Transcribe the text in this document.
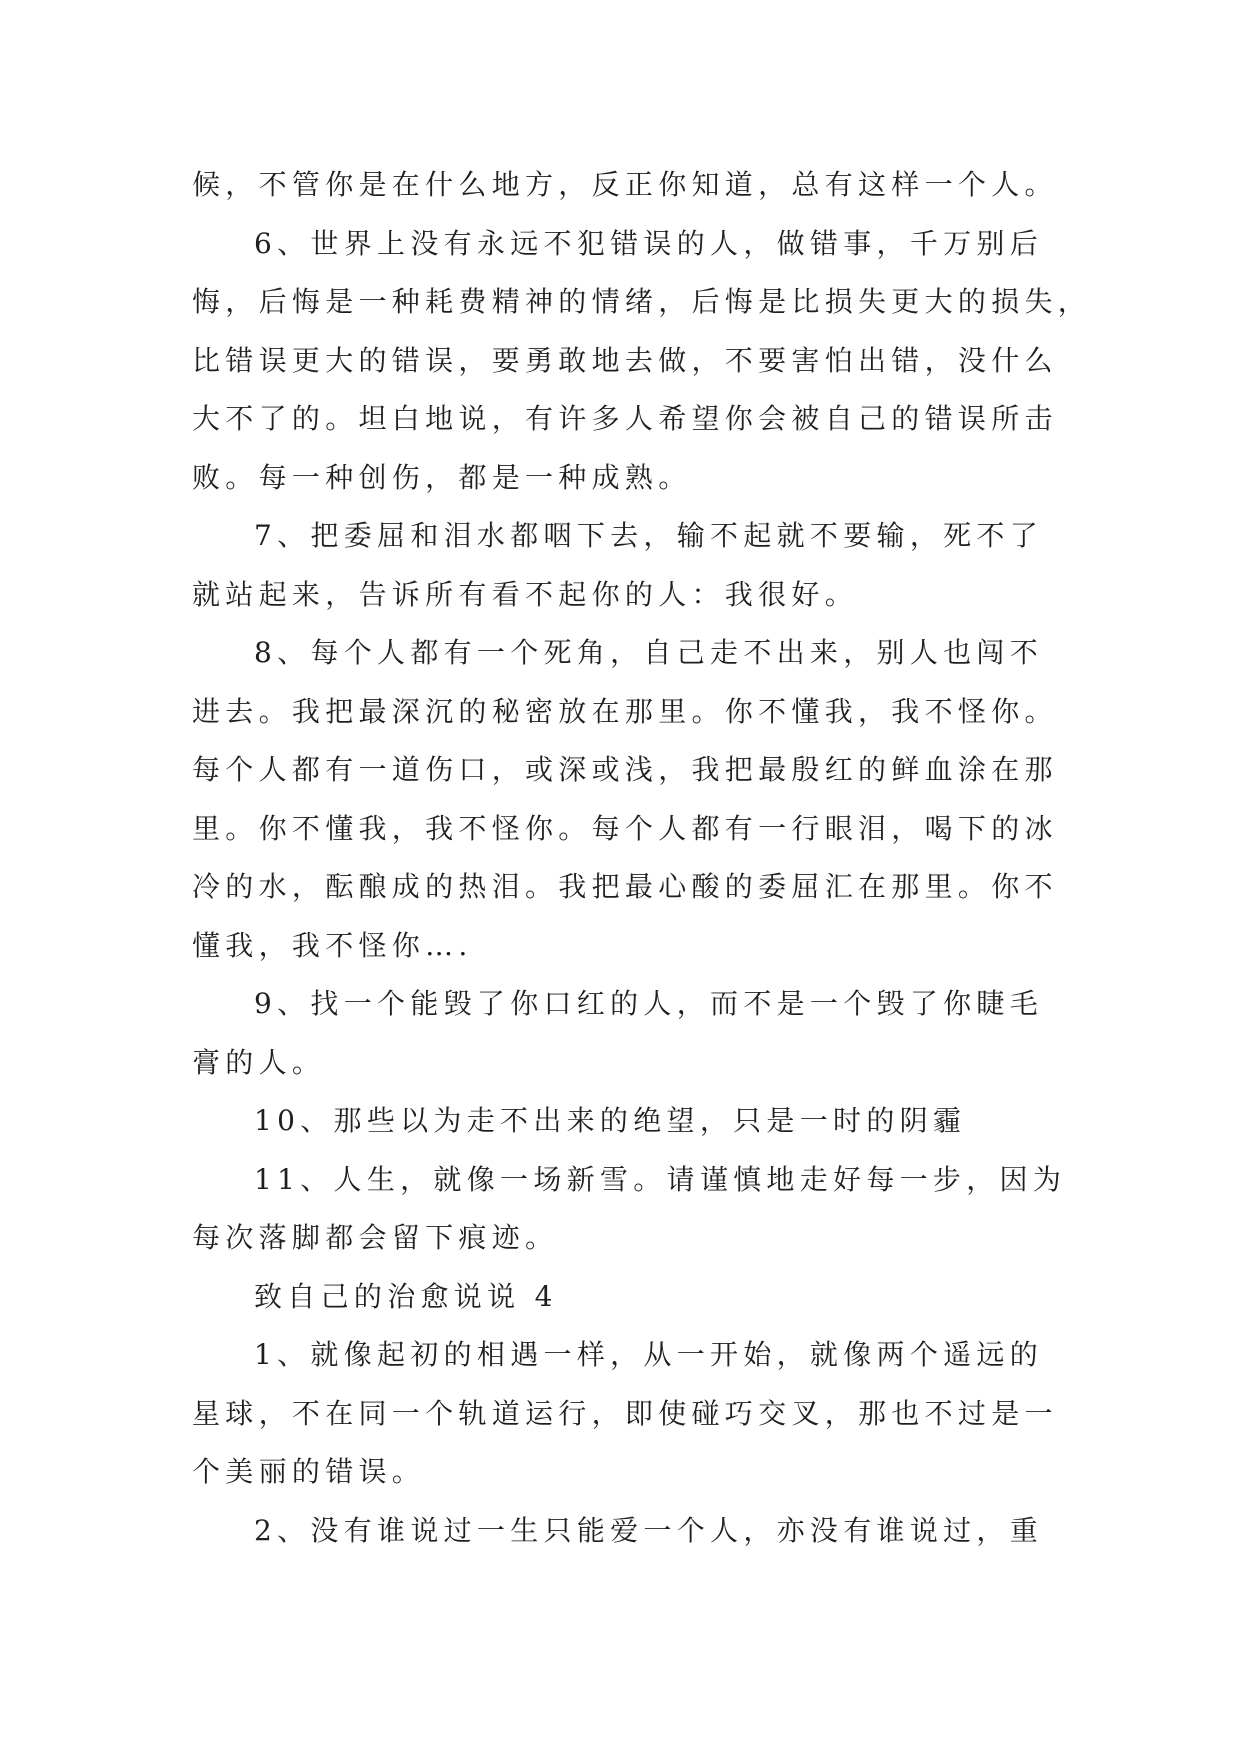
候，不管你是在什么地方，反正你知道，总有这样一个人。
6、世界上没有永远不犯错误的人，做错事，千万别后
悔，后悔是一种耗费精神的情绪，后悔是比损失更大的损失，
比错误更大的错误，要勇敢地去做，不要害怕出错，没什么
大不了的。坦白地说，有许多人希望你会被自己的错误所击
败。每一种创伤，都是一种成熟。
7、把委屈和泪水都咽下去，输不起就不要输，死不了
就站起来，告诉所有看不起你的人：我很好。
8、每个人都有一个死角，自己走不出来，别人也闯不
进去。我把最深沉的秘密放在那里。你不懂我，我不怪你。
每个人都有一道伤口，或深或浅，我把最殷红的鲜血涂在那
里。你不懂我，我不怪你。每个人都有一行眼泪，喝下的冰
冷的水，酝酿成的热泪。我把最心酸的委屈汇在那里。你不
懂我，我不怪你….
9、找一个能毁了你口红的人，而不是一个毁了你睫毛
膏的人。
10、那些以为走不出来的绝望，只是一时的阴霾
11、人生，就像一场新雪。请谨慎地走好每一步，因为
每次落脚都会留下痕迹。
致自己的治愈说说 4
1、就像起初的相遇一样，从一开始，就像两个遥远的
星球，不在同一个轨道运行，即使碰巧交叉，那也不过是一
个美丽的错误。
2、没有谁说过一生只能爱一个人，亦没有谁说过，重
